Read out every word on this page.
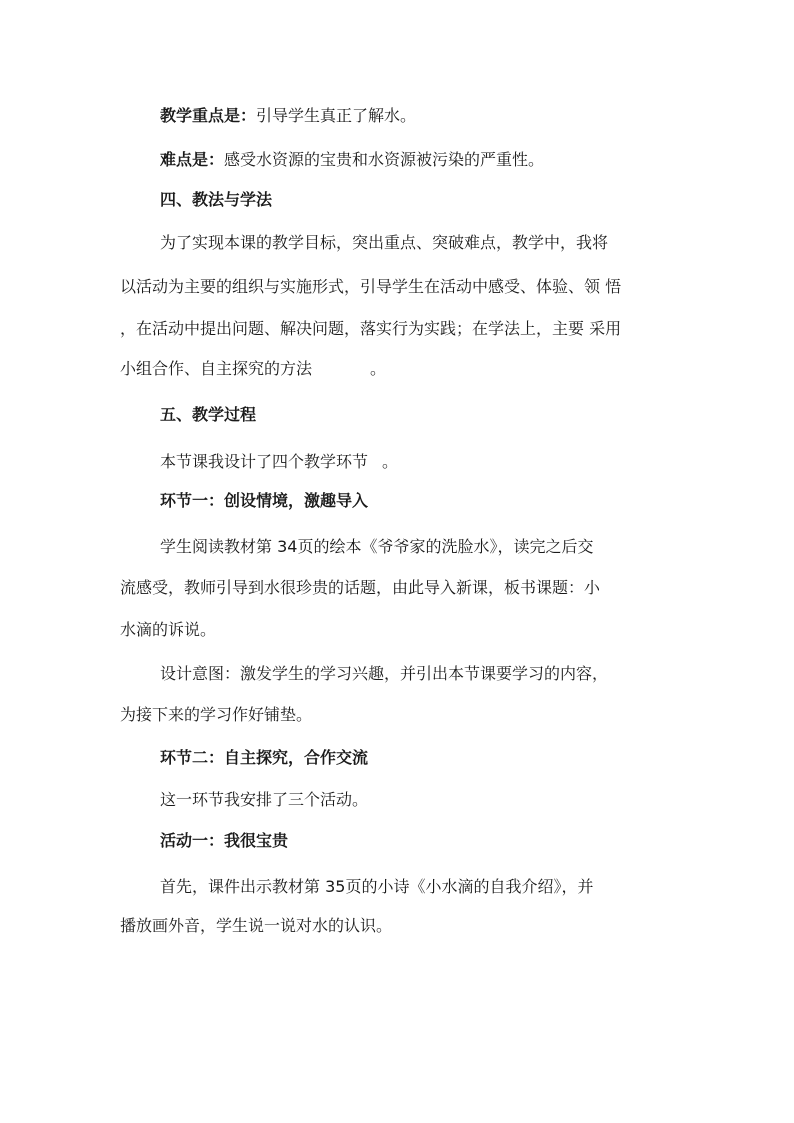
教学重点是：引导学生真正了解水。
难点是：感受水资源的宝贵和水资源被污染的严重性。
四、教法与学法
为了实现本课的教学目标，突出重点、突破难点，教学中，我将
以活动为主要的组织与实施形式，引导学生在活动中感受、体验、领 悟
，在活动中提出问题、解决问题，落实行为实践；在学法上，主要 采用
小组合作、自主探究的方法	。
五、教学过程
本节课我设计了四个教学环节 。
环节一：创设情境，激趣导入
学生阅读教材第 34页的绘本《爷爷家的洗脸水》，读完之后交
流感受，教师引导到水很珍贵的话题，由此导入新课，板书课题：小
水滴的诉说。
设计意图：激发学生的学习兴趣，并引出本节课要学习的内容，
为接下来的学习作好铺垫。
环节二：自主探究，合作交流
这一环节我安排了三个活动。
活动一：我很宝贵
首先，课件出示教材第 35页的小诗《小水滴的自我介绍》，并
播放画外音，学生说一说对水的认识。
